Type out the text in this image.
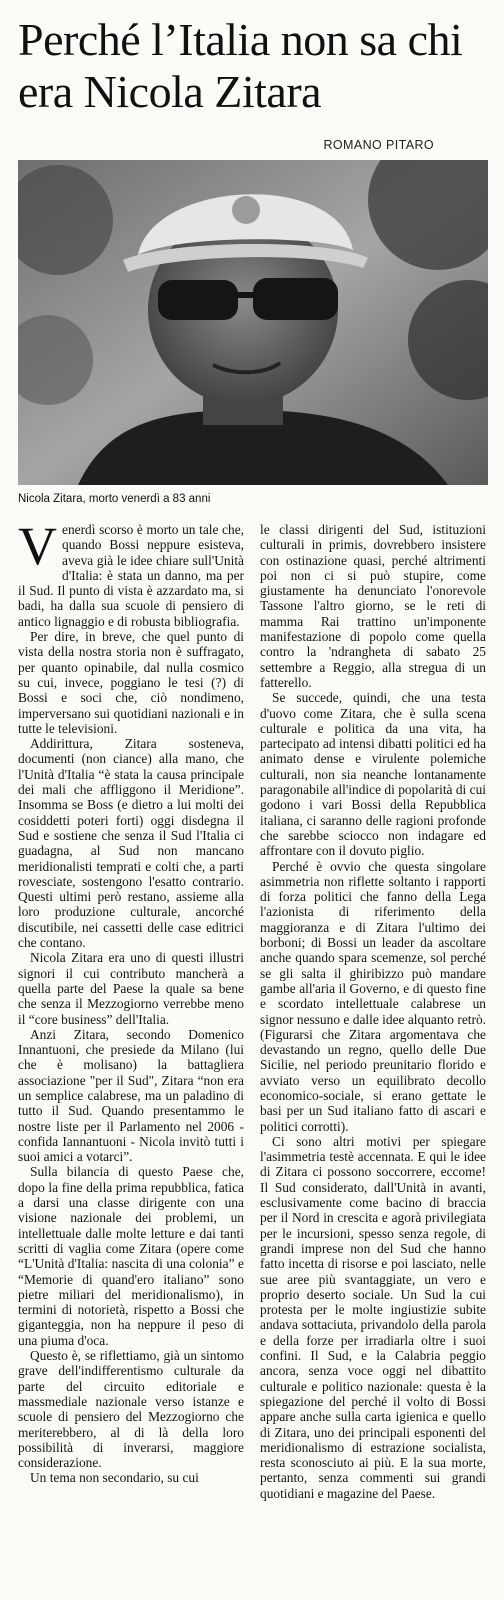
Perché l’Italia non sa chi era Nicola Zitara
ROMANO PITARO
Nicola Zitara, morto venerdì a 83 anni

Venerdì scorso è morto un tale che, quando Bossi neppure esisteva, aveva già le idee chiare sull'Unità d'Italia: è stata un danno, ma per il Sud. Il punto di vista è azzardato ma, si badi, ha dalla sua scuole di pensiero di antico lignaggio e di robusta bibliografia.

Per dire, in breve, che quel punto di vista della nostra storia non è suffragato, per quanto opinabile, dal nulla cosmico su cui, invece, poggiano le tesi (?) di Bossi e soci che, ciò nondimeno, imperversano sui quotidiani nazionali e in tutte le televisioni.

Addirittura, Zitara sosteneva, documenti (non ciance) alla mano, che l'Unità d'Italia “è stata la causa principale dei mali che affliggono il Meridione”. Insomma se Boss (e dietro a lui molti dei cosiddetti poteri forti) oggi disdegna il Sud e sostiene che senza il Sud l'Italia ci guadagna, al Sud non mancano meridionalisti temprati e colti che, a parti rovesciate, sostengono l'esatto contrario. Questi ultimi però restano, assieme alla loro produzione culturale, ancorché discutibile, nei cassetti delle case editrici che contano.

Nicola Zitara era uno di questi illustri signori il cui contributo mancherà a quella parte del Paese la quale sa bene che senza il Mezzogiorno verrebbe meno il “core business” dell'Italia.

Anzi Zitara, secondo Domenico Innantuoni, che presiede da Milano (lui che è molisano) la battagliera associazione "per il Sud", Zitara “non era un semplice calabrese, ma un paladino di tutto il Sud. Quando presentammo le nostre liste per il Parlamento nel 2006 - confida Iannantuoni - Nicola invitò tutti i suoi amici a votarci”.

Sulla bilancia di questo Paese che, dopo la fine della prima repubblica, fatica a darsi una classe dirigente con una visione nazionale dei problemi, un intellettuale dalle molte letture e dai tanti scritti di vaglia come Zitara (opere come “L'Unità d'Italia: nascita di una colonia” e “Memorie di quand'ero italiano” sono pietre miliari del meridionalismo), in termini di notorietà, rispetto a Bossi che giganteggia, non ha neppure il peso di una piuma d'oca.

Questo è, se riflettiamo, già un sintomo grave dell'indifferentismo culturale da parte del circuito editoriale e massmediale nazionale verso istanze e scuole di pensiero del Mezzogiorno che meriterebbero, al di là della loro possibilità di inverarsi, maggiore considerazione.

Un tema non secondario, su cui

le classi dirigenti del Sud, istituzioni culturali in primis, dovrebbero insistere con ostinazione quasi, perché altrimenti poi non ci si può stupire, come giustamente ha denunciato l'onorevole Tassone l'altro giorno, se le reti di mamma Rai trattino un'imponente manifestazione di popolo come quella contro la 'ndrangheta di sabato 25 settembre a Reggio, alla stregua di un fatterello.

Se succede, quindi, che una testa d'uovo come Zitara, che è sulla scena culturale e politica da una vita, ha partecipato ad intensi dibatti politici ed ha animato dense e virulente polemiche culturali, non sia neanche lontanamente paragonabile all'indice di popolarità di cui godono i vari Bossi della Repubblica italiana, ci saranno delle ragioni profonde che sarebbe sciocco non indagare ed affrontare con il dovuto piglio.

Perché è ovvio che questa singolare asimmetria non riflette soltanto i rapporti di forza politici che fanno della Lega l'azionista di riferimento della maggioranza e di Zitara l'ultimo dei borboni; di Bossi un leader da ascoltare anche quando spara scemenze, sol perché se gli salta il ghiribizzo può mandare gambe all'aria il Governo, e di questo fine e scordato intellettuale calabrese un signor nessuno e dalle idee alquanto retrò. (Figurarsi che Zitara argomentava che devastando un regno, quello delle Due Sicilie, nel periodo preunitario florido e avviato verso un equilibrato decollo economico-sociale, si erano gettate le basi per un Sud italiano fatto di ascari e politici corrotti).

Ci sono altri motivi per spiegare l'asimmetria testè accennata. E qui le idee di Zitara ci possono soccorrere, eccome! Il Sud considerato, dall'Unità in avanti, esclusivamente come bacino di braccia per il Nord in crescita e agorà privilegiata per le incursioni, spesso senza regole, di grandi imprese non del Sud che hanno fatto incetta di risorse e poi lasciato, nelle sue aree più svantaggiate, un vero e proprio deserto sociale. Un Sud la cui protesta per le molte ingiustizie subite andava sottaciuta, privandolo della parola e della forze per irradiarla oltre i suoi confini. Il Sud, e la Calabria peggio ancora, senza voce oggi nel dibattito culturale e politico nazionale: questa è la spiegazione del perché il volto di Bossi appare anche sulla carta igienica e quello di Zitara, uno dei principali esponenti del meridionalismo di estrazione socialista, resta sconosciuto ai più. E la sua morte, pertanto, senza commenti sui grandi quotidiani e magazine del Paese.
